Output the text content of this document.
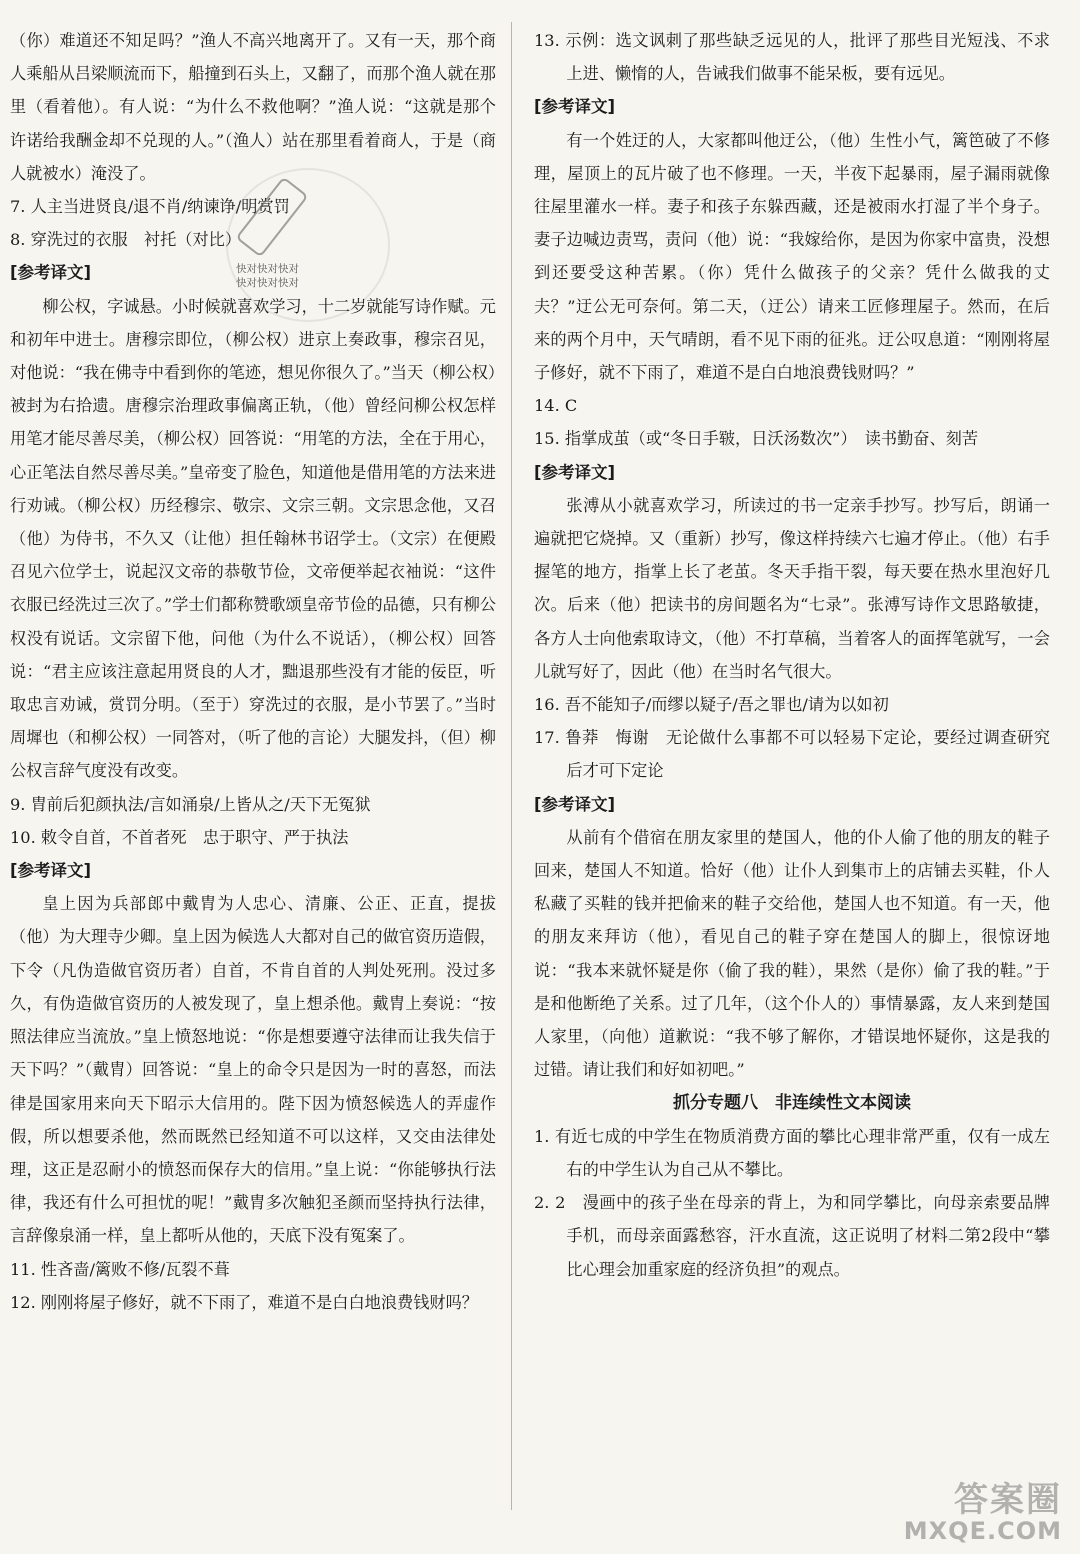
（你）难道还不知足吗？”渔人不高兴地离开了。又有一天，那个商人乘船从吕梁顺流而下，船撞到石头上，又翻了，而那个渔人就在那里（看着他）。有人说：“为什么不救他啊？”渔人说：“这就是那个许诺给我酬金却不兑现的人。”（渔人）站在那里看着商人，于是（商人就被水）淹没了。

7. 人主当进贤良/退不肖/纳谏诤/明赏罚

8. 穿洗过的衣服　衬托（对比）

[参考译文]

柳公权，字诚悬。小时候就喜欢学习，十二岁就能写诗作赋。元和初年中进士。唐穆宗即位，（柳公权）进京上奏政事，穆宗召见，对他说：“我在佛寺中看到你的笔迹，想见你很久了。”当天（柳公权）被封为右拾遗。唐穆宗治理政事偏离正轨，（他）曾经问柳公权怎样用笔才能尽善尽美，（柳公权）回答说：“用笔的方法，全在于用心，心正笔法自然尽善尽美。”皇帝变了脸色，知道他是借用笔的方法来进行劝诫。（柳公权）历经穆宗、敬宗、文宗三朝。文宗思念他，又召（他）为侍书，不久又（让他）担任翰林书诏学士。（文宗）在便殿召见六位学士，说起汉文帝的恭敬节俭，文帝便举起衣袖说：“这件衣服已经洗过三次了。”学士们都称赞歌颂皇帝节俭的品德，只有柳公权没有说话。文宗留下他，问他（为什么不说话），（柳公权）回答说：“君主应该注意起用贤良的人才，黜退那些没有才能的佞臣，听取忠言劝诫，赏罚分明。（至于）穿洗过的衣服，是小节罢了。”当时周墀也（和柳公权）一同答对，（听了他的言论）大腿发抖，（但）柳公权言辞气度没有改变。

9. 胄前后犯颜执法/言如涌泉/上皆从之/天下无冤狱

10. 敕令自首，不首者死　忠于职守、严于执法

[参考译文]

皇上因为兵部郎中戴胄为人忠心、清廉、公正、正直，提拔（他）为大理寺少卿。皇上因为候选人大都对自己的做官资历造假，下令（凡伪造做官资历者）自首，不肯自首的人判处死刑。没过多久，有伪造做官资历的人被发现了，皇上想杀他。戴胄上奏说：“按照法律应当流放。”皇上愤怒地说：“你是想要遵守法律而让我失信于天下吗？”（戴胄）回答说：“皇上的命令只是因为一时的喜怒，而法律是国家用来向天下昭示大信用的。陛下因为愤怒候选人的弄虚作假，所以想要杀他，然而既然已经知道不可以这样，又交由法律处理，这正是忍耐小的愤怒而保存大的信用。”皇上说：“你能够执行法律，我还有什么可担忧的呢！”戴胄多次触犯圣颜而坚持执行法律，言辞像泉涌一样，皇上都听从他的，天底下没有冤案了。

11. 性吝啬/篱败不修/瓦裂不葺

12. 刚刚将屋子修好，就不下雨了，难道不是白白地浪费钱财吗？

13. 示例：选文讽刺了那些缺乏远见的人，批评了那些目光短浅、不求上进、懒惰的人，告诫我们做事不能呆板，要有远见。

[参考译文]

有一个姓迂的人，大家都叫他迂公，（他）生性小气，篱笆破了不修理，屋顶上的瓦片破了也不修理。一天，半夜下起暴雨，屋子漏雨就像往屋里灌水一样。妻子和孩子东躲西藏，还是被雨水打湿了半个身子。妻子边喊边责骂，责问（他）说：“我嫁给你，是因为你家中富贵，没想到还要受这种苦累。（你）凭什么做孩子的父亲？凭什么做我的丈夫？”迂公无可奈何。第二天，（迂公）请来工匠修理屋子。然而，在后来的两个月中，天气晴朗，看不见下雨的征兆。迂公叹息道：“刚刚将屋子修好，就不下雨了，难道不是白白地浪费钱财吗？”

14. C

15. 指掌成茧（或“冬日手皲，日沃汤数次”）　读书勤奋、刻苦

[参考译文]

张溥从小就喜欢学习，所读过的书一定亲手抄写。抄写后，朗诵一遍就把它烧掉。又（重新）抄写，像这样持续六七遍才停止。（他）右手握笔的地方，指掌上长了老茧。冬天手指干裂，每天要在热水里泡好几次。后来（他）把读书的房间题名为“七录”。张溥写诗作文思路敏捷，各方人士向他索取诗文，（他）不打草稿，当着客人的面挥笔就写，一会儿就写好了，因此（他）在当时名气很大。

16. 吾不能知子/而缪以疑子/吾之罪也/请为以如初

17. 鲁莽　悔谢　无论做什么事都不可以轻易下定论，要经过调查研究后才可下定论

[参考译文]

从前有个借宿在朋友家里的楚国人，他的仆人偷了他的朋友的鞋子回来，楚国人不知道。恰好（他）让仆人到集市上的店铺去买鞋，仆人私藏了买鞋的钱并把偷来的鞋子交给他，楚国人也不知道。有一天，他的朋友来拜访（他），看见自己的鞋子穿在楚国人的脚上，很惊讶地说：“我本来就怀疑是你（偷了我的鞋），果然（是你）偷了我的鞋。”于是和他断绝了关系。过了几年，（这个仆人的）事情暴露，友人来到楚国人家里，（向他）道歉说：“我不够了解你，才错误地怀疑你，这是我的过错。请让我们和好如初吧。”

抓分专题八　非连续性文本阅读

1. 有近七成的中学生在物质消费方面的攀比心理非常严重，仅有一成左右的中学生认为自己从不攀比。

2. 2　漫画中的孩子坐在母亲的背上，为和同学攀比，向母亲索要品牌手机，而母亲面露愁容，汗水直流，这正说明了材料二第2段中“攀比心理会加重家庭的经济负担”的观点。

快对快对快对
快对快对快对
答案圈
MXQE.COM
